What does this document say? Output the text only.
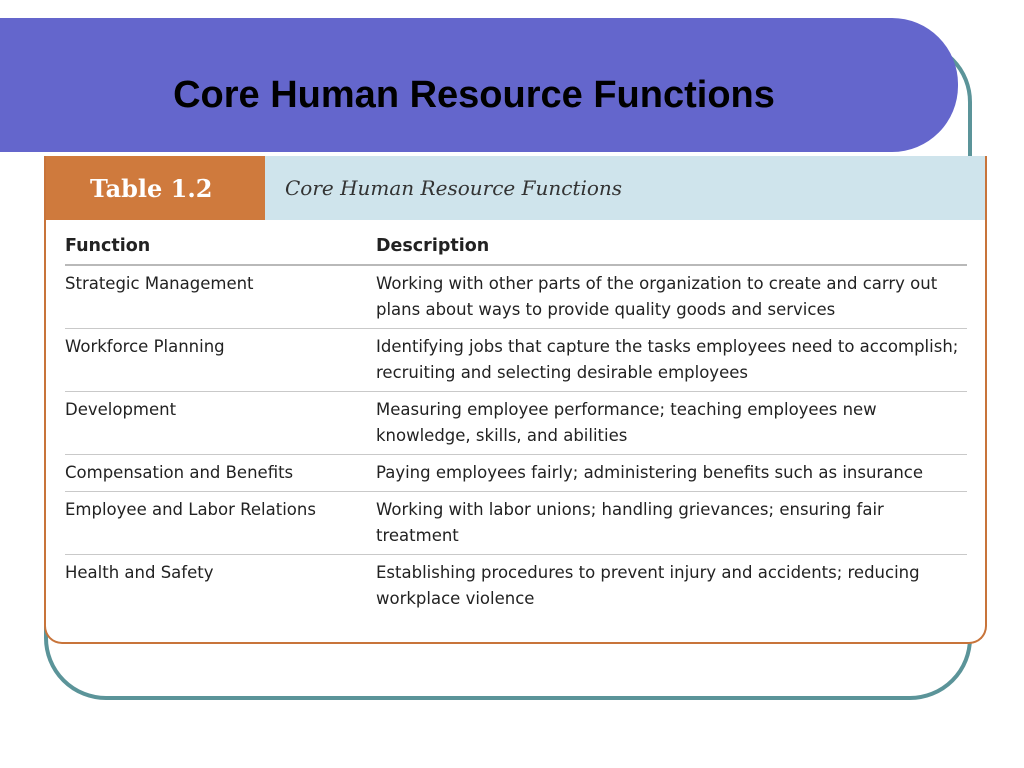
Core Human Resource Functions
Table 1.2	Core Human Resource Functions
Function	Description
Strategic Management	Working with other parts of the organization to create and carry out plans about ways to provide quality goods and services
Workforce Planning	Identifying jobs that capture the tasks employees need to accomplish; recruiting and selecting desirable employees
Development	Measuring employee performance; teaching employees new knowledge, skills, and abilities
Compensation and Benefits	Paying employees fairly; administering benefits such as insurance
Employee and Labor Relations	Working with labor unions; handling grievances; ensuring fair treatment
Health and Safety	Establishing procedures to prevent injury and accidents; reducing workplace violence
